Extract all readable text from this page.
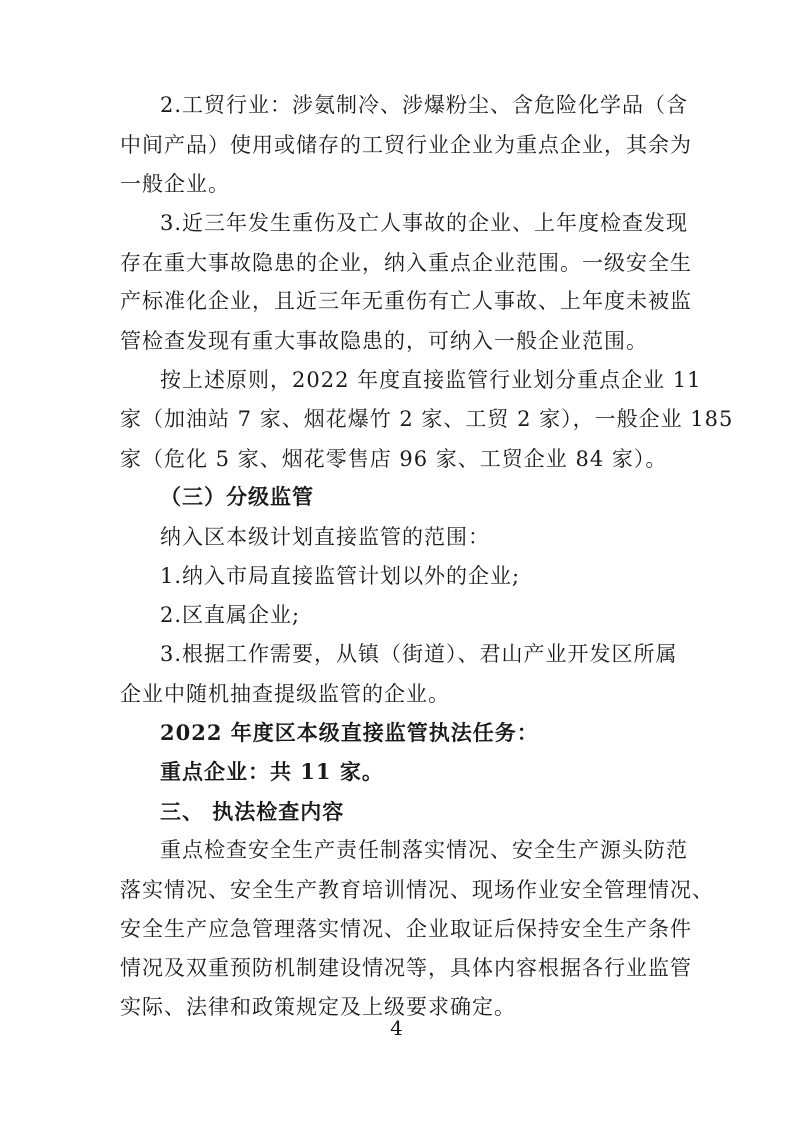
2.工贸行业：涉氨制冷、涉爆粉尘、含危险化学品（含
中间产品）使用或储存的工贸行业企业为重点企业，其余为
一般企业。
3.近三年发生重伤及亡人事故的企业、上年度检查发现
存在重大事故隐患的企业，纳入重点企业范围。一级安全生
产标准化企业，且近三年无重伤有亡人事故、上年度未被监
管检查发现有重大事故隐患的，可纳入一般企业范围。
按上述原则，2022 年度直接监管行业划分重点企业 11
家（加油站 7 家、烟花爆竹 2 家、工贸 2 家），一般企业 185
家（危化 5 家、烟花零售店 96 家、工贸企业 84 家）。
（三）分级监管
纳入区本级计划直接监管的范围：
1.纳入市局直接监管计划以外的企业;
2.区直属企业;
3.根据工作需要，从镇（街道）、君山产业开发区所属
企业中随机抽查提级监管的企业。
2022 年度区本级直接监管执法任务：
重点企业：共 11 家。
三、 执法检查内容
重点检查安全生产责任制落实情况、安全生产源头防范
落实情况、安全生产教育培训情况、现场作业安全管理情况、
安全生产应急管理落实情况、企业取证后保持安全生产条件
情况及双重预防机制建设情况等，具体内容根据各行业监管
实际、法律和政策规定及上级要求确定。
4
